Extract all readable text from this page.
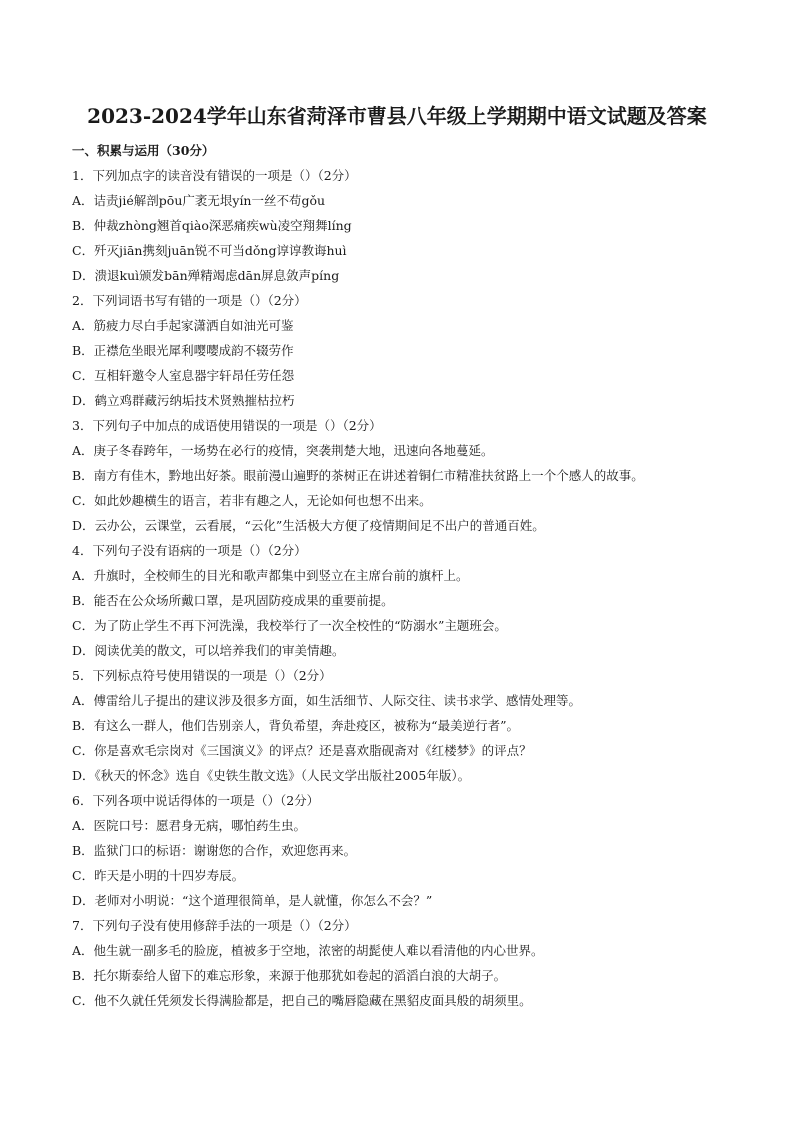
2023-2024学年山东省菏泽市曹县八年级上学期期中语文试题及答案
一、积累与运用（30分）
1．下列加点字的读音没有错误的一项是（）（2分）
A．诘责jié解剖pōu广袤无垠yín一丝不苟gǒu
B．仲裁zhòng翘首qiào深恶痛疾wù凌空翔舞líng
C．歼灭jiān携刻juān锐不可当dǒng谆谆教诲huì
D．溃退kuì颁发bān殚精竭虑dān屏息敛声píng
2．下列词语书写有错的一项是（）（2分）
A．筋疲力尽白手起家潇洒自如油光可鉴
B．正襟危坐眼光犀利嘤嘤成韵不辍劳作
C．互相轩邀令人室息器宇轩昂任劳任怨
D．鹤立鸡群藏污纳垢技术贤熟摧枯拉朽
3．下列句子中加点的成语使用错误的一项是（）（2分）
A．庚子冬春跨年，一场势在必行的疫情，突袭荆楚大地，迅速向各地蔓延。
B．南方有佳木，黔地出好茶。眼前漫山遍野的茶树正在讲述着铜仁市精准扶贫路上一个个感人的故事。
C．如此妙趣横生的语言，若非有趣之人，无论如何也想不出来。
D．云办公，云课堂，云看展，“云化”生活极大方便了疫情期间足不出户的普通百姓。
4．下列句子没有语病的一项是（）（2分）
A．升旗时，全校师生的目光和歌声都集中到竖立在主席台前的旗杆上。
B．能否在公众场所戴口罩，是巩固防疫成果的重要前提。
C．为了防止学生不再下河洗澡，我校举行了一次全校性的“防溺水”主题班会。
D．阅读优美的散文，可以培养我们的审美情趣。
5．下列标点符号使用错误的一项是（）（2分）
A．傅雷给儿子提出的建议涉及很多方面，如生活细节、人际交往、读书求学、感情处理等。
B．有这么一群人，他们告别亲人，背负希望，奔赴疫区，被称为“最美逆行者”。
C．你是喜欢毛宗岗对《三国演义》的评点？还是喜欢脂砚斋对《红楼梦》的评点？
D．《秋天的怀念》选自《史铁生散文选》（人民文学出版社2005年版）。
6．下列各项中说话得体的一项是（）（2分）
A．医院口号：愿君身无病，哪怕药生虫。
B．监狱门口的标语：谢谢您的合作，欢迎您再来。
C．昨天是小明的十四岁寿辰。
D．老师对小明说：“这个道理很简单，是人就懂，你怎么不会？”
7．下列句子没有使用修辞手法的一项是（）（2分）
A．他生就一副多毛的脸庞，植被多于空地，浓密的胡髭使人难以看清他的内心世界。
B．托尔斯泰给人留下的难忘形象，来源于他那犹如卷起的滔滔白浪的大胡子。
C．他不久就任凭须发长得满脸都是，把自己的嘴唇隐藏在黑貂皮面具般的胡须里。
